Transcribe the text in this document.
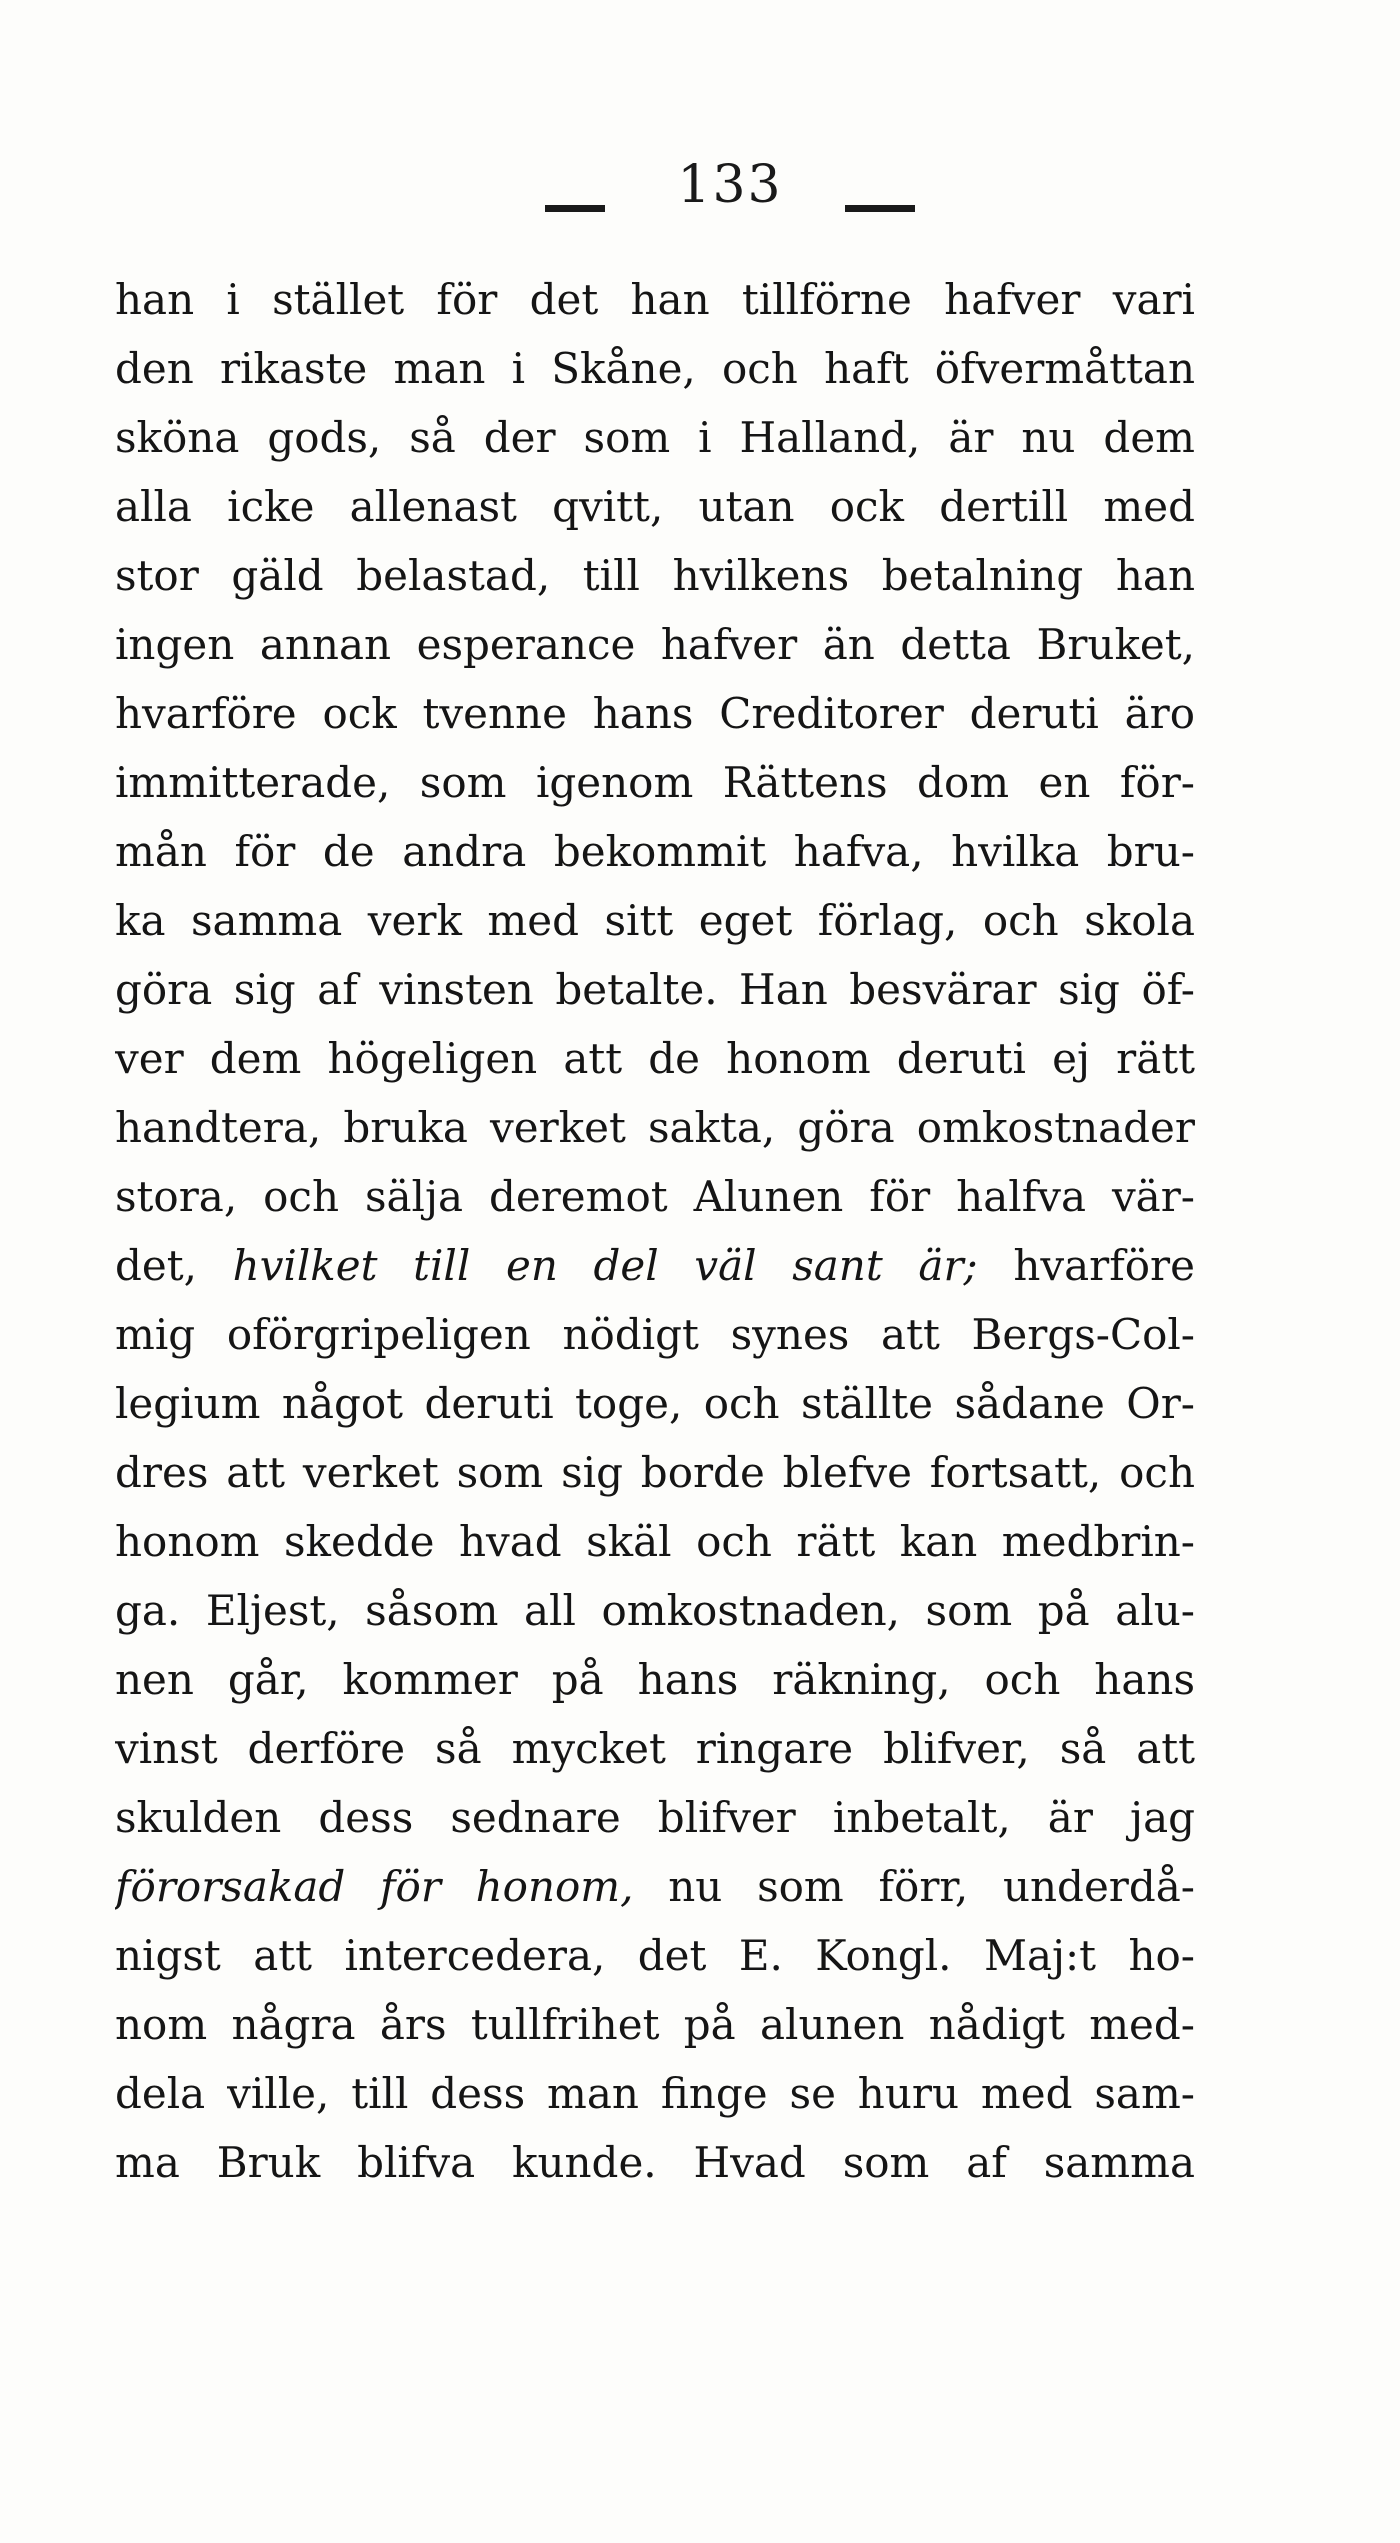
133
han i stället för det han tillförne hafver vari
den rikaste man i Skåne, och haft öfvermåttan
sköna gods, så der som i Halland, är nu dem
alla icke allenast qvitt, utan ock dertill med
stor gäld belastad, till hvilkens betalning han
ingen annan esperance hafver än detta Bruket,
hvarföre ock tvenne hans Creditorer deruti äro
immitterade, som igenom Rättens dom en för-
mån för de andra bekommit hafva, hvilka bru-
ka samma verk med sitt eget förlag, och skola
göra sig af vinsten betalte. Han besvärar sig öf-
ver dem högeligen att de honom deruti ej rätt
handtera, bruka verket sakta, göra omkostnader
stora, och sälja deremot Alunen för halfva vär-
det, hvilket till en del väl sant är; hvarföre
mig oförgripeligen nödigt synes att Bergs-Col-
legium något deruti toge, och ställte sådane Or-
dres att verket som sig borde blefve fortsatt, och
honom skedde hvad skäl och rätt kan medbrin-
ga. Eljest, såsom all omkostnaden, som på alu-
nen går, kommer på hans räkning, och hans
vinst derföre så mycket ringare blifver, så att
skulden dess sednare blifver inbetalt, är jag
förorsakad för honom, nu som förr, underdå-
nigst att intercedera, det E. Kongl. Maj:t ho-
nom några års tullfrihet på alunen nådigt med-
dela ville, till dess man finge se huru med sam-
ma Bruk blifva kunde. Hvad som af samma
